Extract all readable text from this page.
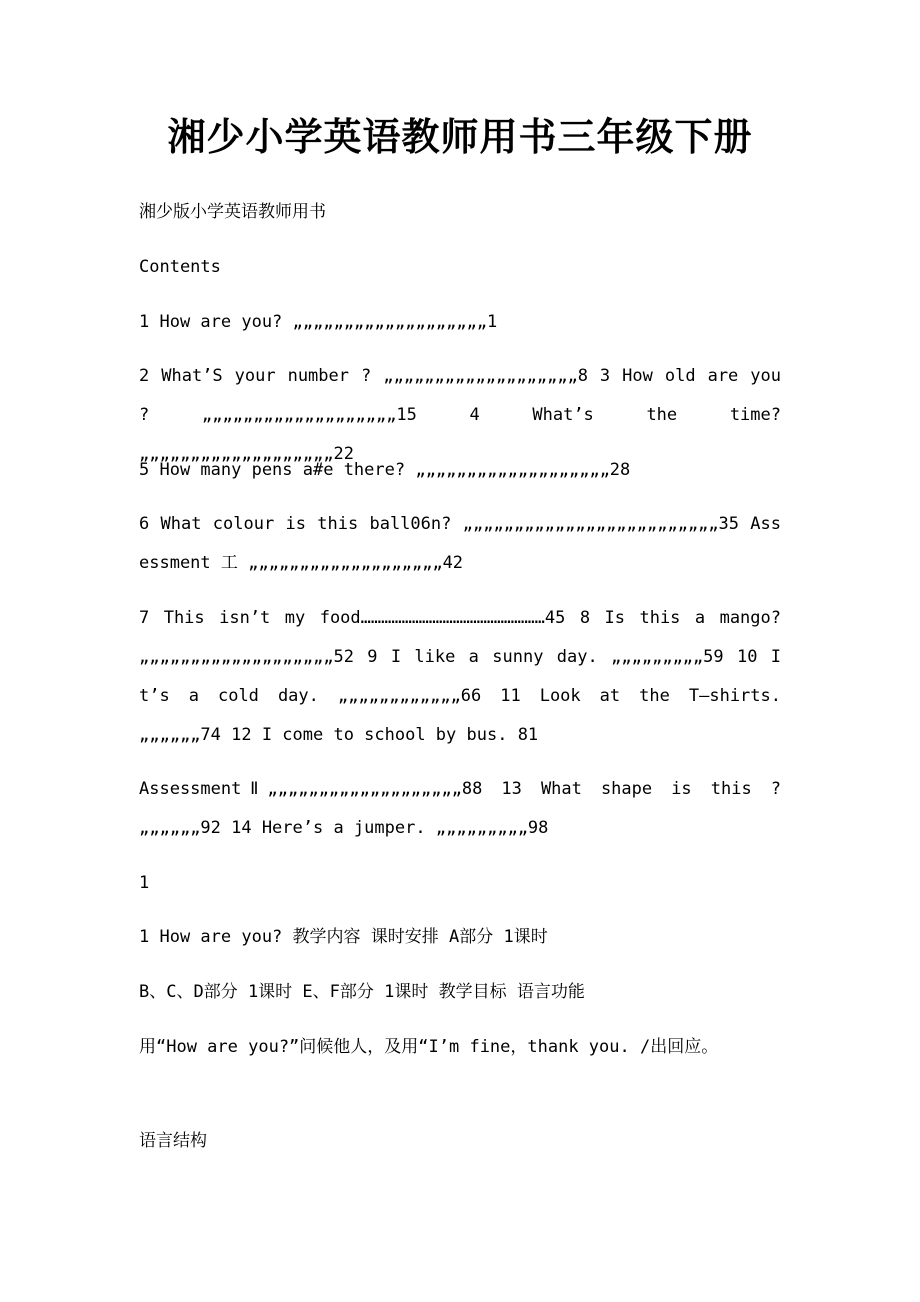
湘少小学英语教师用书三年级下册

湘少版小学英语教师用书

Contents

1 How are you? „„„„„„„„„„„„„„„„„„„1

2 What’S your number ? „„„„„„„„„„„„„„„„„„„8 3 How old are you ? „„„„„„„„„„„„„„„„„„„15 4 What’s the time? „„„„„„„„„„„„„„„„„„„22

5 How many pens a#e there? „„„„„„„„„„„„„„„„„„„28

6 What colour is this ball06n? „„„„„„„„„„„„„„„„„„„„„„„„„35 Assessment 工 „„„„„„„„„„„„„„„„„„„42

7 This isn’t my food………………………………………………45 8 Is this a mango? „„„„„„„„„„„„„„„„„„„52 9 I like a sunny day. „„„„„„„„„59 10 It’s a cold day. „„„„„„„„„„„„66 11 Look at the T—shirts. „„„„„„74 12 I come to school by bus. 81

AssessmentⅡ„„„„„„„„„„„„„„„„„„„88 13 What shape is this ? „„„„„„92 14 Here’s a jumper. „„„„„„„„„98

1

1 How are you? 教学内容 课时安排 A部分 1课时

B、C、D部分 1课时 E、F部分 1课时 教学目标 语言功能

用“How are you?”问候他人，及用“I’m fine，thank you. /出回应。

语言结构
